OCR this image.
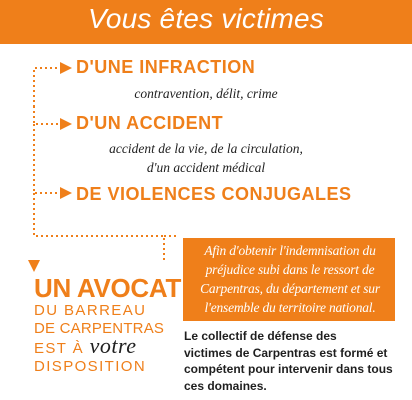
Vous êtes victimes
D'UNE INFRACTION
contravention, délit, crime
D'UN ACCIDENT
accident de la vie, de la circulation,
d'un accident médical
DE VIOLENCES CONJUGALES
Afin d'obtenir l'indemnisation du
préjudice subi dans le ressort de
Carpentras, du département et sur
l'ensemble du territoire national.
UN AVOCAT
DU BARREAU
DE CARPENTRAS
EST À votre
DISPOSITION
Le collectif de défense des
victimes de Carpentras est formé et
compétent pour intervenir dans tous
ces domaines.
